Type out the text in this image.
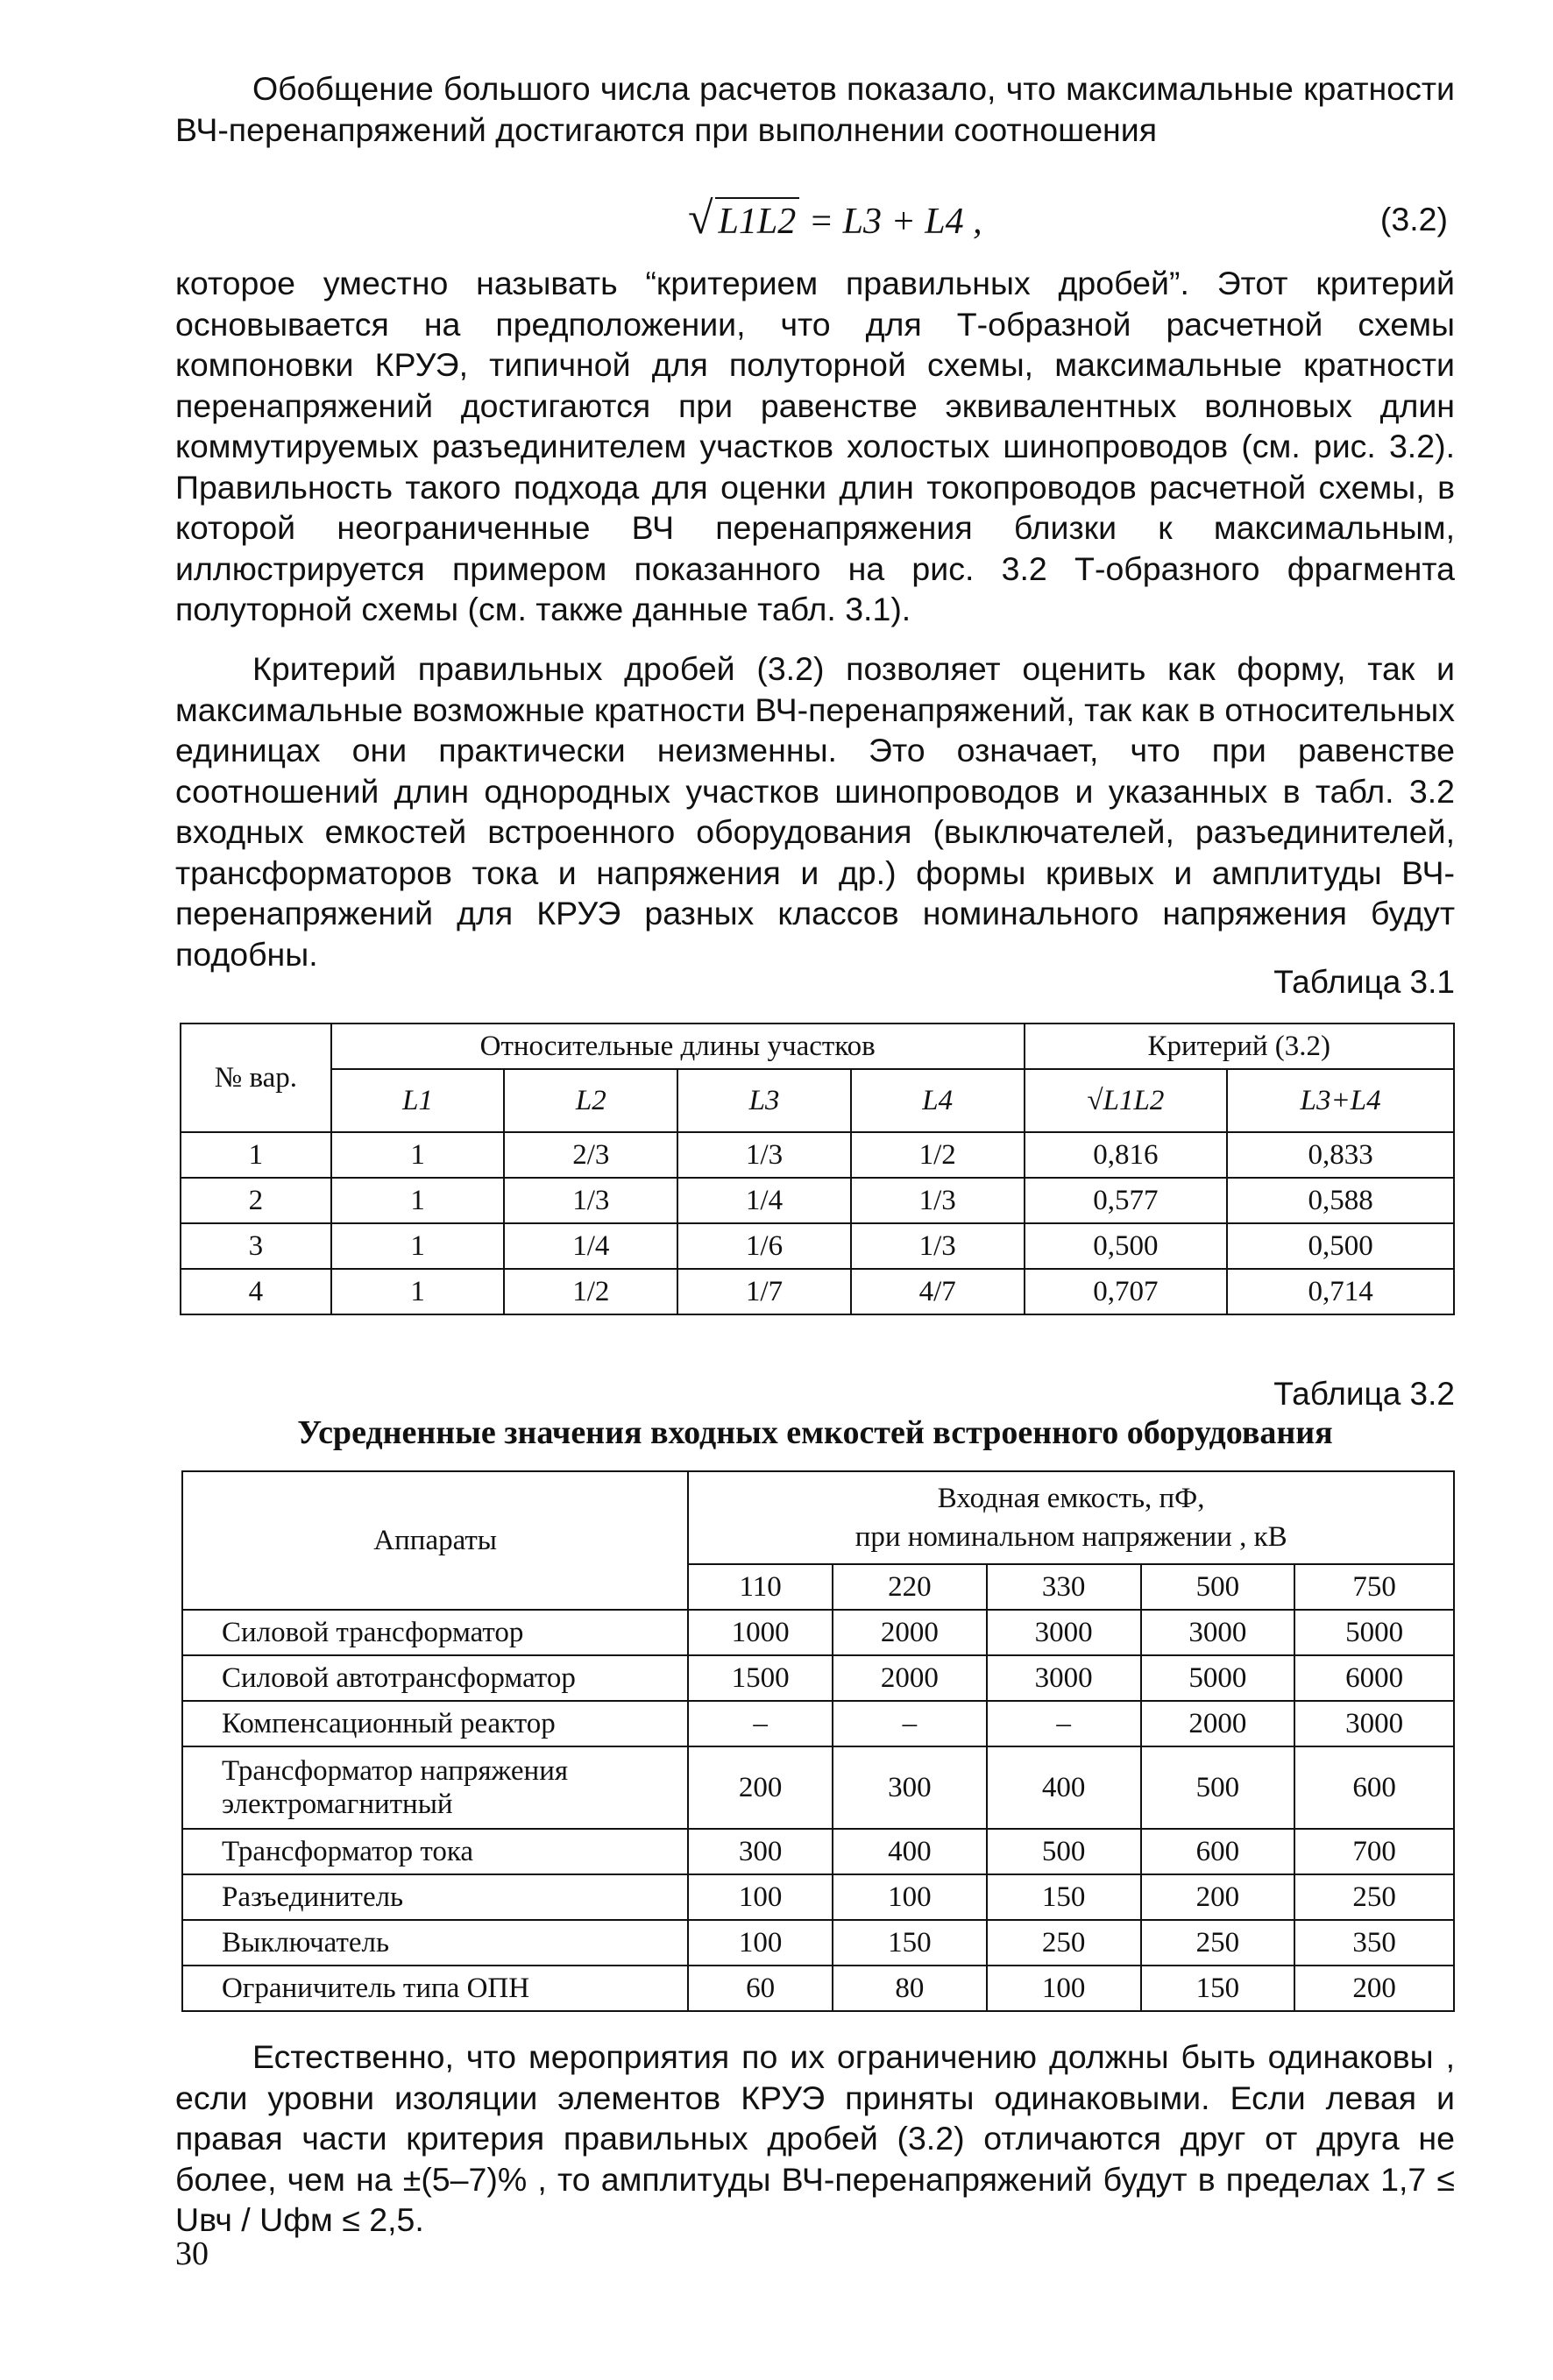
Обобщение большого числа расчетов показало, что максимальные кратности ВЧ-перенапряжений достигаются при выполнении соотношения

√ L1L2 = L3 + L4 ,	(3.2)

которое уместно называть “критерием правильных дробей”. Этот критерий основывается на предположении, что для Т-образной расчетной схемы компоновки КРУЭ, типичной для полуторной схемы, максимальные кратности перенапряжений достигаются при равенстве эквивалентных волновых длин коммутируемых разъединителем участков холостых шинопроводов (см. рис. 3.2). Правильность такого подхода для оценки длин токопроводов расчетной схемы, в которой неограниченные ВЧ перенапряжения близки к максимальным, иллюстрируется примером показанного на рис. 3.2 Т-образного фрагмента полуторной схемы (см. также данные табл. 3.1).

Критерий правильных дробей (3.2) позволяет оценить как форму, так и максимальные возможные кратности ВЧ-перенапряжений, так как в относительных единицах они практически неизменны. Это означает, что при равенстве соотношений длин однородных участков шинопроводов и указанных в табл. 3.2 входных емкостей встроенного оборудования (выключателей, разъединителей, трансформаторов тока и напряжения и др.) формы кривых и амплитуды ВЧ-перенапряжений для КРУЭ разных классов номинального напряжения будут подобны.

Таблица 3.1
№ вар.	Относительные длины участков				Критерий (3.2)	
	L1	L2	L3	L4	√L1L2	L3+L4
1	1	2/3	1/3	1/2	0,816	0,833
2	1	1/3	1/4	1/3	0,577	0,588
3	1	1/4	1/6	1/3	0,500	0,500
4	1	1/2	1/7	4/7	0,707	0,714
Таблица 3.2
Усредненные значения входных емкостей встроенного оборудования
Аппараты	Входная емкость, пФ,
при номинальном напряжении , кВ				

	110	220	330	500	750
Силовой трансформатор	1000	2000	3000	3000	5000
Силовой автотрансформатор	1500	2000	3000	5000	6000
Компенсационный реактор	–	–	–	2000	3000
Трансформатор напряжения электромагнитный	200	300	400	500	600
Трансформатор тока	300	400	500	600	700
Разъединитель	100	100	150	200	250
Выключатель	100	150	250	250	350
Ограничитель типа ОПН	60	80	100	150	200

Естественно, что мероприятия по их ограничению должны быть одинаковы , если уровни изоляции элементов КРУЭ приняты одинаковыми. Если левая и правая части критерия правильных дробей (3.2) отличаются друг от друга не более, чем на ±(5–7)% , то амплитуды ВЧ-перенапряжений будут в пределах 1,7 ≤ Uвч / Uфм ≤ 2,5.

30
